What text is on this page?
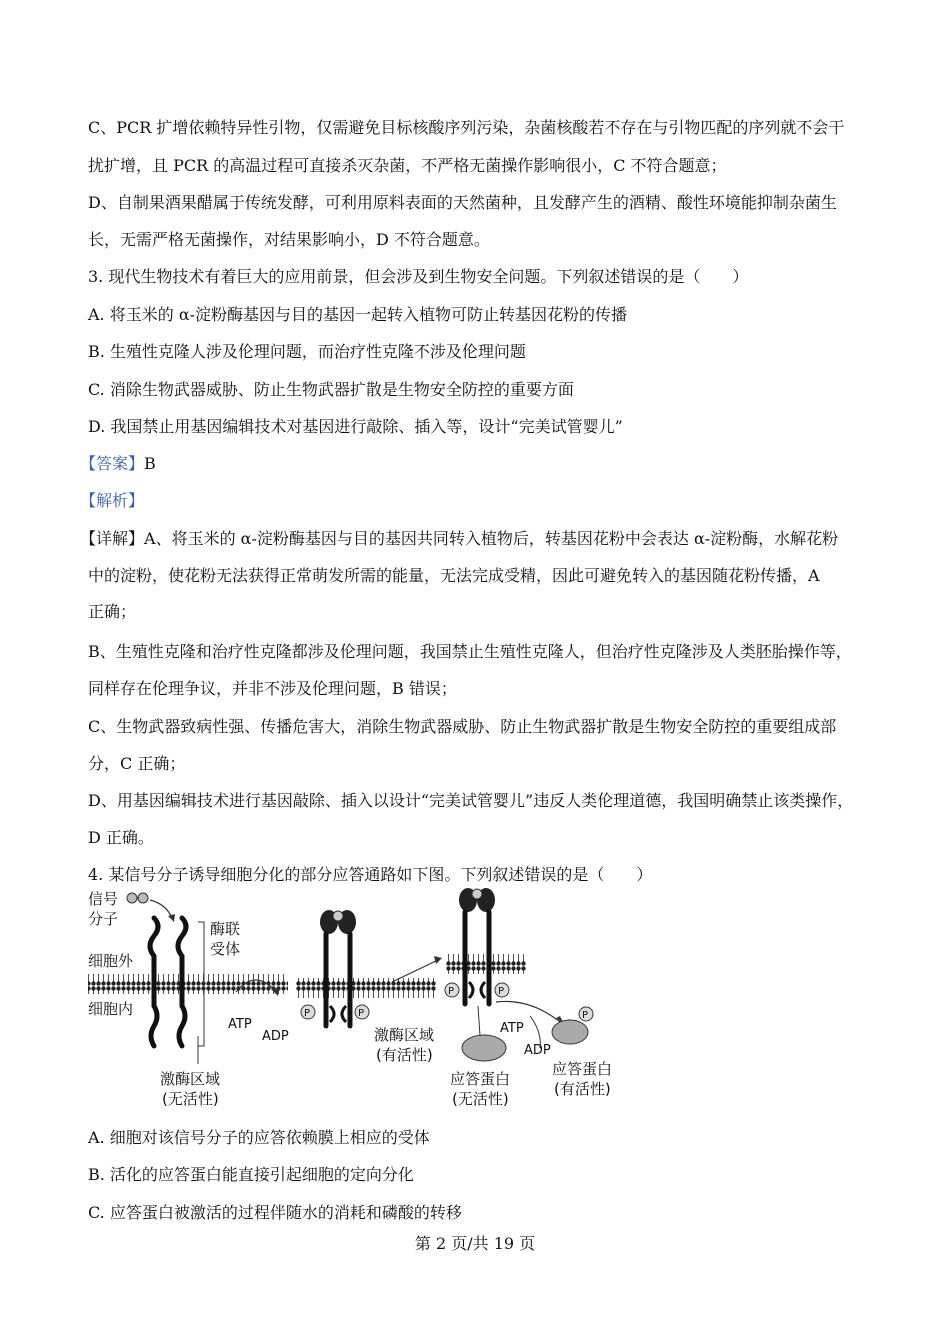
C、PCR 扩增依赖特异性引物，仅需避免目标核酸序列污染，杂菌核酸若不存在与引物匹配的序列就不会干
扰扩增，且 PCR 的高温过程可直接杀灭杂菌，不严格无菌操作影响很小，C 不符合题意；
D、自制果酒果醋属于传统发酵，可利用原料表面的天然菌种，且发酵产生的酒精、酸性环境能抑制杂菌生
长，无需严格无菌操作，对结果影响小，D 不符合题意。
3. 现代生物技术有着巨大的应用前景，但会涉及到生物安全问题。下列叙述错误的是（　　）
A. 将玉米的 α-淀粉酶基因与目的基因一起转入植物可防止转基因花粉的传播
B. 生殖性克隆人涉及伦理问题，而治疗性克隆不涉及伦理问题
C. 消除生物武器威胁、防止生物武器扩散是生物安全防控的重要方面
D. 我国禁止用基因编辑技术对基因进行敲除、插入等，设计“完美试管婴儿”
【答案】B
【解析】
【详解】A、将玉米的 α-淀粉酶基因与目的基因共同转入植物后，转基因花粉中会表达 α-淀粉酶，水解花粉
中的淀粉，使花粉无法获得正常萌发所需的能量，无法完成受精，因此可避免转入的基因随花粉传播，A
正确；
B、生殖性克隆和治疗性克隆都涉及伦理问题，我国禁止生殖性克隆人，但治疗性克隆涉及人类胚胎操作等，
同样存在伦理争议，并非不涉及伦理问题，B 错误；
C、生物武器致病性强、传播危害大，消除生物武器威胁、防止生物武器扩散是生物安全防控的重要组成部
分，C 正确；
D、用基因编辑技术进行基因敲除、插入以设计“完美试管婴儿”违反人类伦理道德，我国明确禁止该类操作，
D 正确。
4. 某信号分子诱导细胞分化的部分应答通路如下图。下列叙述错误的是（　　）
信号
分子
细胞外
细胞内
酶联
受体
激酶区域
(无活性)
ATP
ADP
P	P
激酶区域
(有活性)
P	P
应答蛋白
(无活性)
ATP
ADP
P
应答蛋白
(有活性)
A. 细胞对该信号分子的应答依赖膜上相应的受体
B. 活化的应答蛋白能直接引起细胞的定向分化
C. 应答蛋白被激活的过程伴随水的消耗和磷酸的转移
第 2 页/共 19 页
